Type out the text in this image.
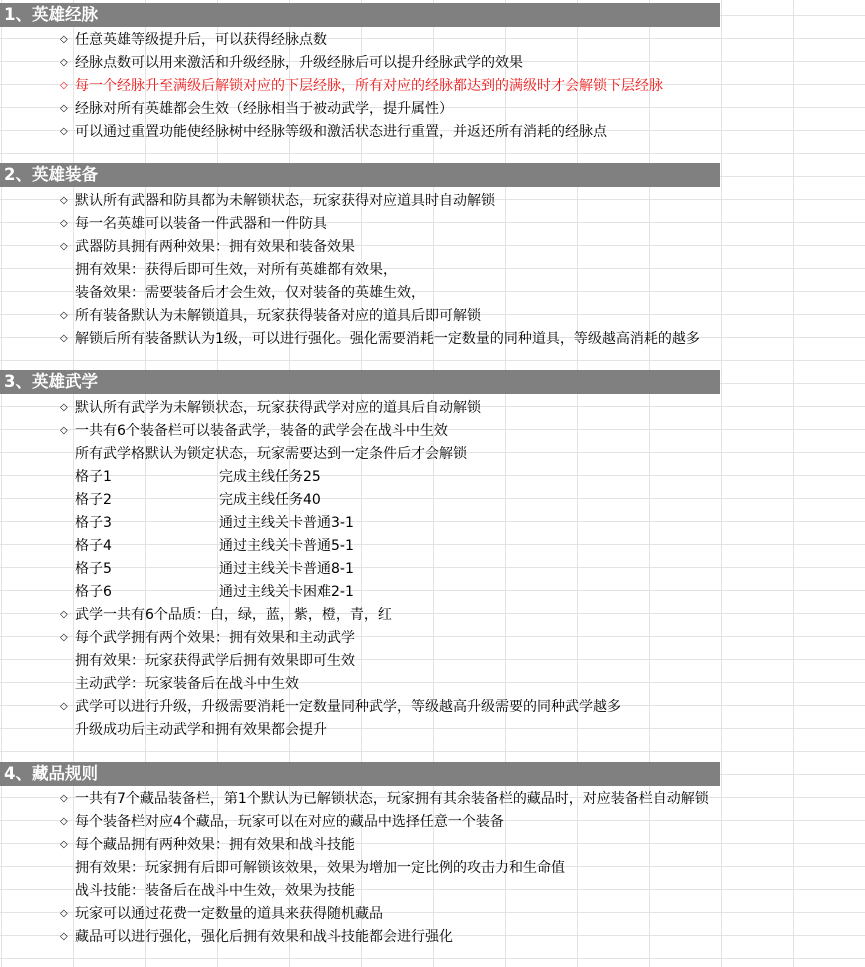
1、英雄经脉
◇ 任意英雄等级提升后，可以获得经脉点数
◇ 经脉点数可以用来激活和升级经脉，升级经脉后可以提升经脉武学的效果
◇ 每一个经脉升至满级后解锁对应的下层经脉，所有对应的经脉都达到的满级时才会解锁下层经脉
◇ 经脉对所有英雄都会生效（经脉相当于被动武学，提升属性）
◇ 可以通过重置功能使经脉树中经脉等级和激活状态进行重置，并返还所有消耗的经脉点
2、英雄装备
◇ 默认所有武器和防具都为未解锁状态，玩家获得对应道具时自动解锁
◇ 每一名英雄可以装备一件武器和一件防具
◇ 武器防具拥有两种效果：拥有效果和装备效果
拥有效果：获得后即可生效，对所有英雄都有效果，
装备效果：需要装备后才会生效，仅对装备的英雄生效，
◇ 所有装备默认为未解锁道具，玩家获得装备对应的道具后即可解锁
◇ 解锁后所有装备默认为1级，可以进行强化。强化需要消耗一定数量的同种道具，等级越高消耗的越多
3、英雄武学
◇ 默认所有武学为未解锁状态，玩家获得武学对应的道具后自动解锁
◇ 一共有6个装备栏可以装备武学，装备的武学会在战斗中生效
所有武学格默认为锁定状态，玩家需要达到一定条件后才会解锁
格子1	完成主线任务25
格子2	完成主线任务40
格子3	通过主线关卡普通3-1
格子4	通过主线关卡普通5-1
格子5	通过主线关卡普通8-1
格子6	通过主线关卡困难2-1
◇ 武学一共有6个品质：白，绿，蓝，紫，橙，青，红
◇ 每个武学拥有两个效果：拥有效果和主动武学
拥有效果：玩家获得武学后拥有效果即可生效
主动武学：玩家装备后在战斗中生效
◇ 武学可以进行升级，升级需要消耗一定数量同种武学，等级越高升级需要的同种武学越多
升级成功后主动武学和拥有效果都会提升
4、藏品规则
◇ 一共有7个藏品装备栏，第1个默认为已解锁状态，玩家拥有其余装备栏的藏品时，对应装备栏自动解锁
◇ 每个装备栏对应4个藏品，玩家可以在对应的藏品中选择任意一个装备
◇ 每个藏品拥有两种效果：拥有效果和战斗技能
拥有效果：玩家拥有后即可解锁该效果，效果为增加一定比例的攻击力和生命值
战斗技能：装备后在战斗中生效，效果为技能
◇ 玩家可以通过花费一定数量的道具来获得随机藏品
◇ 藏品可以进行强化，强化后拥有效果和战斗技能都会进行强化
